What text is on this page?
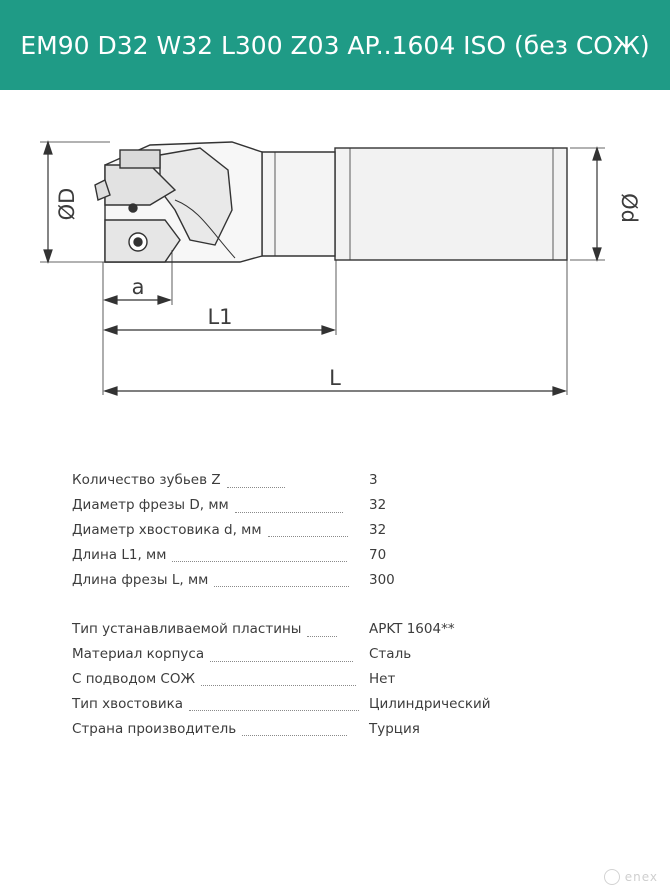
EM90 D32 W32 L300 Z03 AP..1604 ISO (без СОЖ)
ØD	Ød
a
L1
L
Количество зубьев Z	3
Диаметр фрезы D, мм	32
Диаметр хвостовика d, мм	32
Длина L1, мм	70
Длина фрезы L, мм	300
Тип устанавливаемой пластины	APKT 1604**
Материал корпуса	Сталь
С подводом СОЖ	Нет
Тип хвостовика	Цилиндрический
Страна производитель	Турция
enex
